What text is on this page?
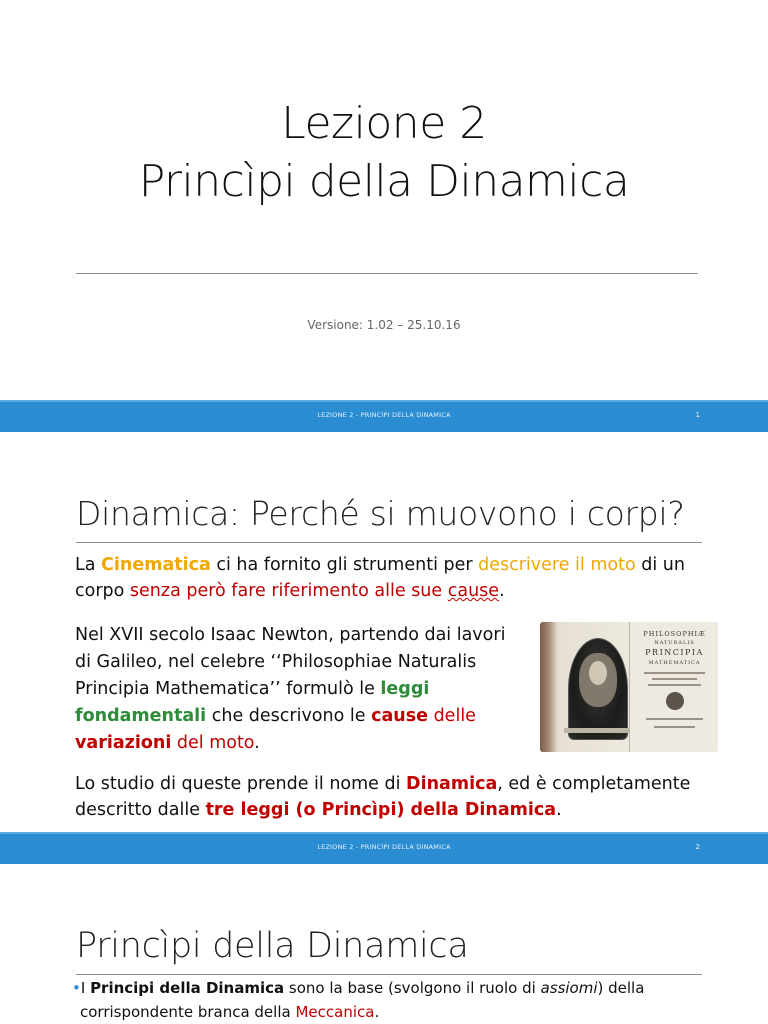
Lezione 2
Princìpi della Dinamica
Versione: 1.02 – 25.10.16
LEZIONE 2 - PRINCÌPI DELLA DINAMICA	1
Dinamica: Perché si muovono i corpi?
La Cinematica ci ha fornito gli strumenti per descrivere il moto di un
corpo senza però fare riferimento alle sue cause.
Nel XVII secolo Isaac Newton, partendo dai lavori
di Galileo, nel celebre ‘‘Philosophiae Naturalis
Principia Mathematica’’ formulò le leggi
fondamentali che descrivono le cause delle
variazioni del moto.
Lo studio di queste prende il nome di Dinamica, ed è completamente
descritto dalle tre leggi (o Princìpi) della Dinamica.
LEZIONE 2 - PRINCÌPI DELLA DINAMICA	2
PHILOSOPHIÆ
NATURALIS
PRINCIPIA
MATHEMATICA
Princìpi della Dinamica
•I Principi della Dinamica sono la base (svolgono il ruolo di assiomi) della
corrispondente branca della Meccanica.
